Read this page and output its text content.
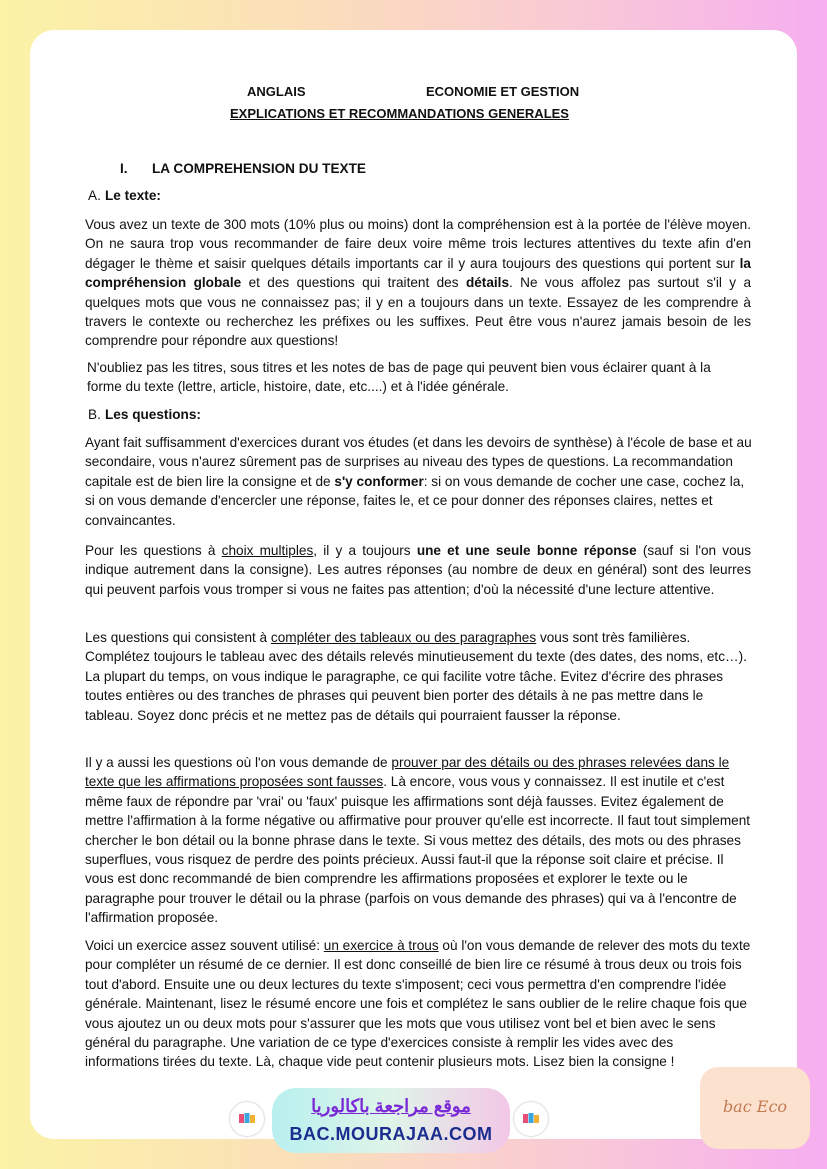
ANGLAIS	ECONOMIE ET GESTION
EXPLICATIONS ET RECOMMANDATIONS GENERALES
I. LA COMPREHENSION DU TEXTE
A. Le texte:

Vous avez un texte de 300 mots (10% plus ou moins) dont la compréhension est à la portée de l'élève moyen. On ne saura trop vous recommander de faire deux voire même trois lectures attentives du texte afin d'en dégager le thème et saisir quelques détails importants car il y aura toujours des questions qui portent sur la compréhension globale et des questions qui traitent des détails. Ne vous affolez pas surtout s'il y a quelques mots que vous ne connaissez pas; il y en a toujours dans un texte. Essayez de les comprendre à travers le contexte ou recherchez les préfixes ou les suffixes. Peut être vous n'aurez jamais besoin de les comprendre pour répondre aux questions!

N'oubliez pas les titres, sous titres et les notes de bas de page qui peuvent bien vous éclairer quant à la forme du texte (lettre, article, histoire, date, etc....) et à l'idée générale.

B. Les questions:

Ayant fait suffisamment d'exercices durant vos études (et dans les devoirs de synthèse) à l'école de base et au secondaire, vous n'aurez sûrement pas de surprises au niveau des types de questions. La recommandation capitale est de bien lire la consigne et de s'y conformer: si on vous demande de cocher une case, cochez la, si on vous demande d'encercler une réponse, faites le, et ce pour donner des réponses claires, nettes et convaincantes.

Pour les questions à choix multiples, il y a toujours une et une seule bonne réponse (sauf si l'on vous indique autrement dans la consigne). Les autres réponses (au nombre de deux en général) sont des leurres qui peuvent parfois vous tromper si vous ne faites pas attention; d'où la nécessité d'une lecture attentive.

Les questions qui consistent à compléter des tableaux ou des paragraphes vous sont très familières. Complétez toujours le tableau avec des détails relevés minutieusement du texte (des dates, des noms, etc…). La plupart du temps, on vous indique le paragraphe, ce qui facilite votre tâche. Evitez d'écrire des phrases toutes entières ou des tranches de phrases qui peuvent bien porter des détails à ne pas mettre dans le tableau. Soyez donc précis et ne mettez pas de détails qui pourraient fausser la réponse.

Il y a aussi les questions où l'on vous demande de prouver par des détails ou des phrases relevées dans le texte que les affirmations proposées sont fausses. Là encore, vous vous y connaissez. Il est inutile et c'est même faux de répondre par 'vrai' ou 'faux' puisque les affirmations sont déjà fausses. Evitez également de mettre l'affirmation à la forme négative ou affirmative pour prouver qu'elle est incorrecte. Il faut tout simplement chercher le bon détail ou la bonne phrase dans le texte. Si vous mettez des détails, des mots ou des phrases superflues, vous risquez de perdre des points précieux. Aussi faut-il que la réponse soit claire et précise. Il vous est donc recommandé de bien comprendre les affirmations proposées et explorer le texte ou le paragraphe pour trouver le détail ou la phrase (parfois on vous demande des phrases) qui va à l'encontre de l'affirmation proposée.

Voici un exercice assez souvent utilisé: un exercice à trous où l'on vous demande de relever des mots du texte pour compléter un résumé de ce dernier. Il est donc conseillé de bien lire ce résumé à trous deux ou trois fois tout d'abord. Ensuite une ou deux lectures du texte s'imposent; ceci vous permettra d'en comprendre l'idée générale. Maintenant, lisez le résumé encore une fois et complétez le sans oublier de le relire chaque fois que vous ajoutez un ou deux mots pour s'assurer que les mots que vous utilisez vont bel et bien avec le sens général du paragraphe. Une variation de ce type d'exercices consiste à remplir les vides avec des informations tirées du texte. Là, chaque vide peut contenir plusieurs mots. Lisez bien la consigne !

موقع مراجعة باكالوريا
BAC.MOURAJAA.COM
bac Eco
